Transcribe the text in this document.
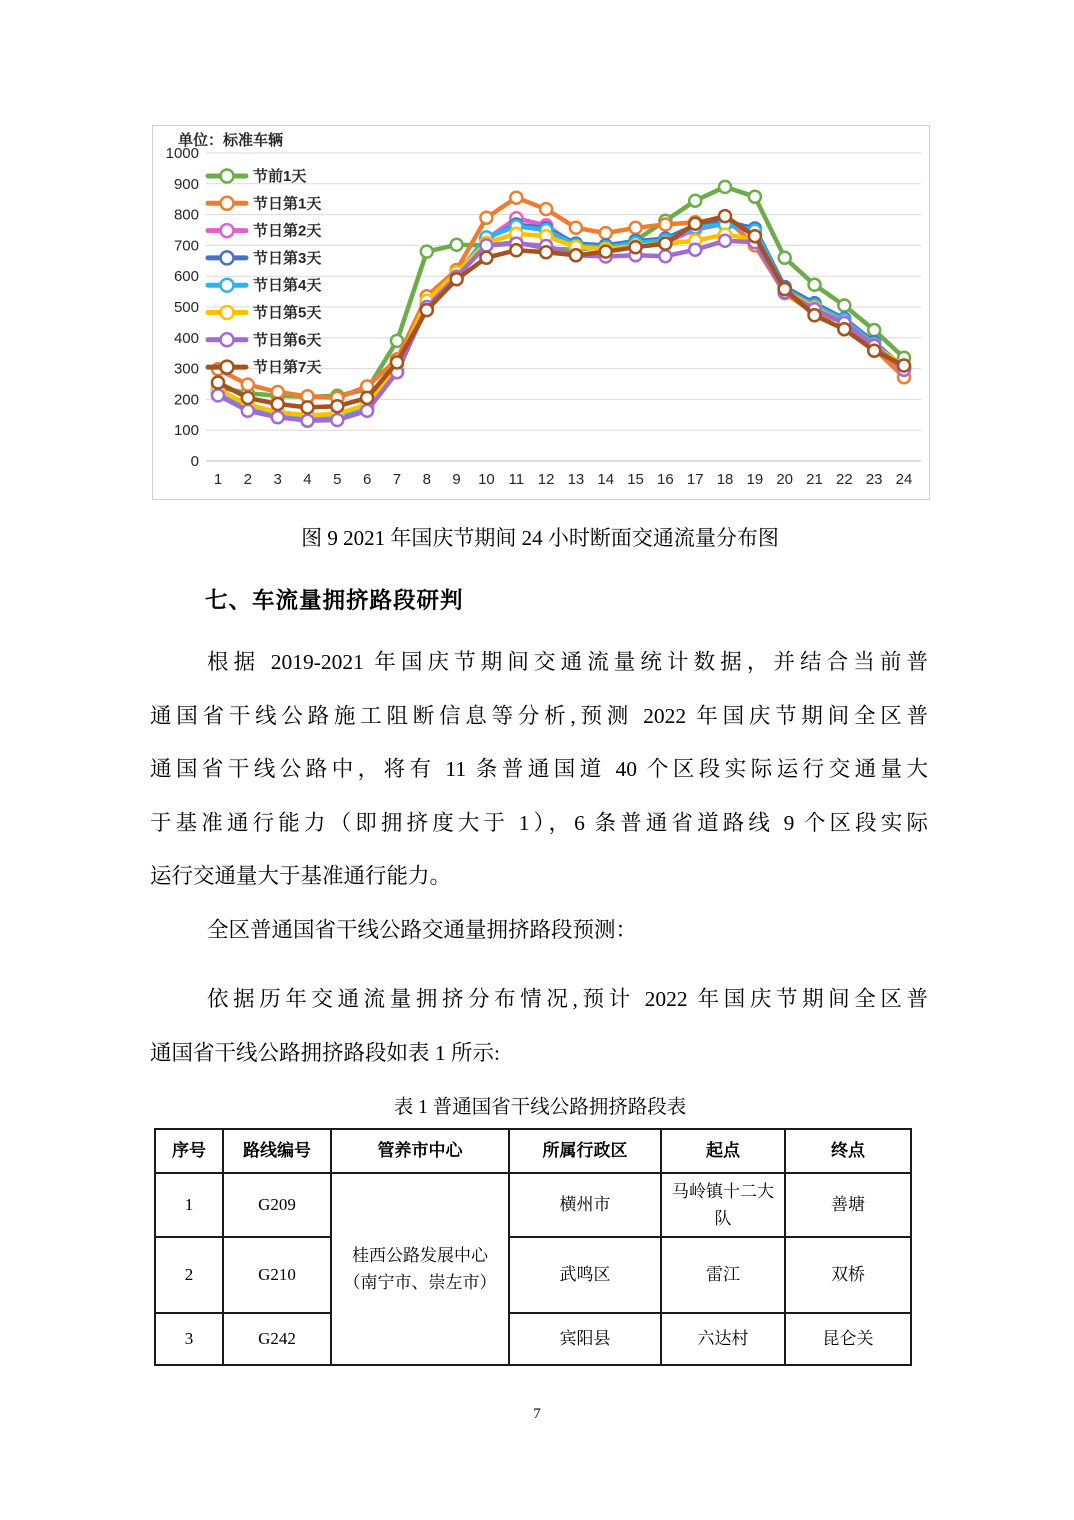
0
100
200
300
400
500
600
700
800
900
1000
1 2 3 4 5 6 7 8 9 10 11 12 13 14 15 16 17 18 19 20 21 22 23 24
节前1天
节日第1天
节日第2天
节日第3天
节日第4天
节日第5天
节日第6天
节日第7天
单位：标准车辆
图 9 2021 年国庆节期间 24 小时断面交通流量分布图
七、车流量拥挤路段研判
根据 2019-2021 年国庆节期间交通流量统计数据，并结合当前普
通国省干线公路施工阻断信息等分析,预测 2022 年国庆节期间全区普
通国省干线公路中，将有 11 条普通国道 40 个区段实际运行交通量大
于基准通行能力（即拥挤度大于 1），6 条普通省道路线 9 个区段实际
运行交通量大于基准通行能力。
全区普通国省干线公路交通量拥挤路段预测：
依据历年交通流量拥挤分布情况,预计 2022 年国庆节期间全区普
通国省干线公路拥挤路段如表 1 所示:
表 1 普通国省干线公路拥挤路段表
序号	路线编号	管养市中心	所属行政区	起点	终点
1	G209	桂西公路发展中心（南宁市、崇左市）	横州市	马岭镇十二大队	善塘
2	G210		武鸣区	雷江	双桥
3	G242		宾阳县	六达村	昆仑关
7
